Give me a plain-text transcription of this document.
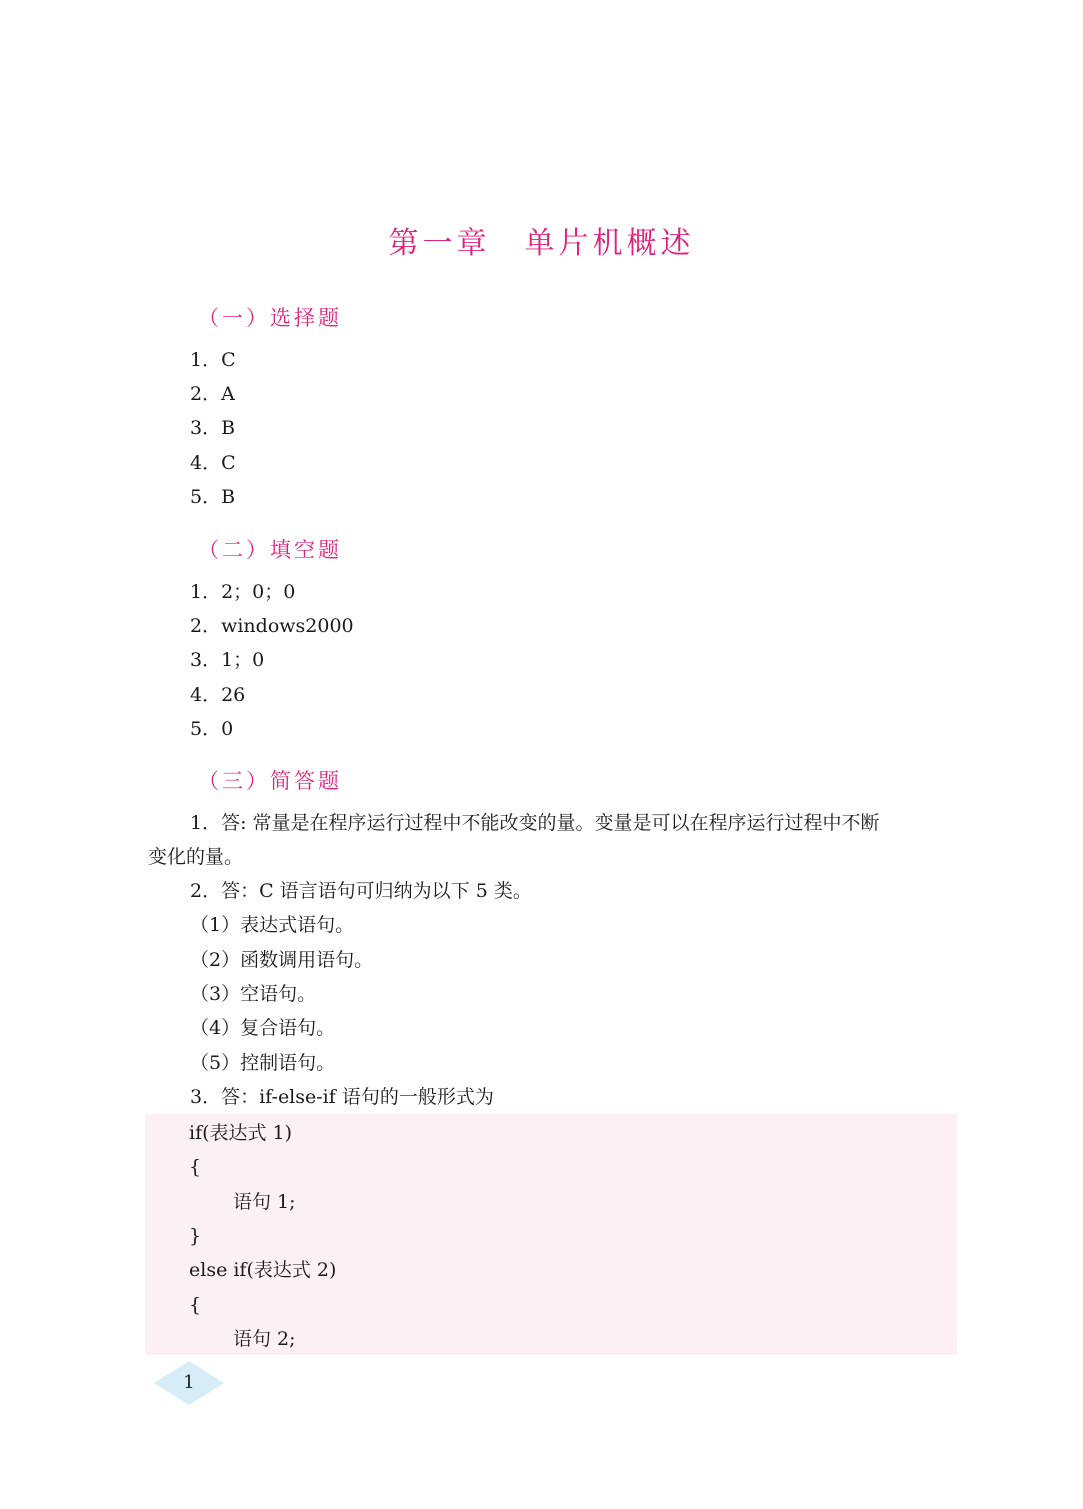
第一章　单片机概述
（一）选择题
1．C
2．A
3．B
4．C
5．B
（二）填空题
1．2；0；0
2．windows2000
3．1；0
4．26
5．0
（三）简答题
1．答: 常量是在程序运行过程中不能改变的量。变量是可以在程序运行过程中不断
变化的量。
2．答：C 语言语句可归纳为以下 5 类。
（1）表达式语句。
（2）函数调用语句。
（3）空语句。
（4）复合语句。
（5）控制语句。
3．答：if-else-if 语句的一般形式为
if(表达式 1)
{
语句 1;
}
else if(表达式 2)
{
语句 2;
1
